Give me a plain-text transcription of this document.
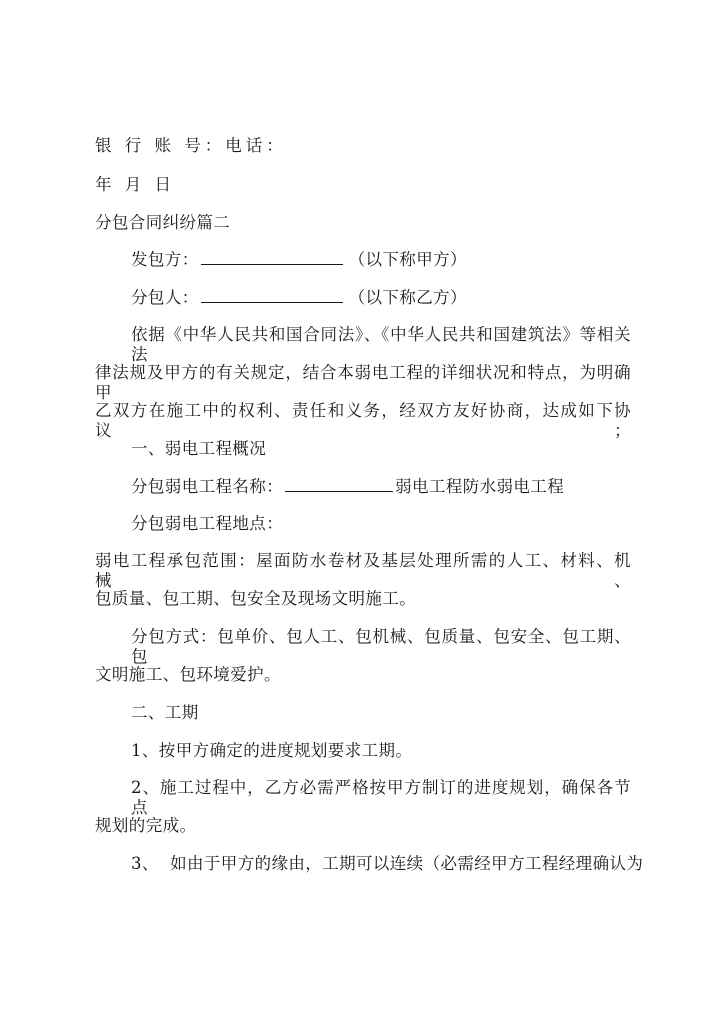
银 行 账 号：电话：
年 月 日
分包合同纠纷篇二
发包方：	（以下称甲方）
分包人：	（以下称乙方）
依据《中华人民共和国合同法》、《中华人民共和国建筑法》等相关法
律法规及甲方的有关规定，结合本弱电工程的详细状况和特点，为明确甲
乙双方在施工中的权利、责任和义务，经双方友好协商，达成如下协议；
一、弱电工程概况
分包弱电工程名称：	弱电工程防水弱电工程
分包弱电工程地点：
弱电工程承包范围：屋面防水卷材及基层处理所需的人工、材料、机械、
包质量、包工期、包安全及现场文明施工。
分包方式：包单价、包人工、包机械、包质量、包安全、包工期、包
文明施工、包环境爱护。
二、工期
1、按甲方确定的进度规划要求工期。
2、施工过程中，乙方必需严格按甲方制订的进度规划，确保各节点
规划的完成。
3、  如由于甲方的缘由，工期可以连续（必需经甲方工程经理确认为
